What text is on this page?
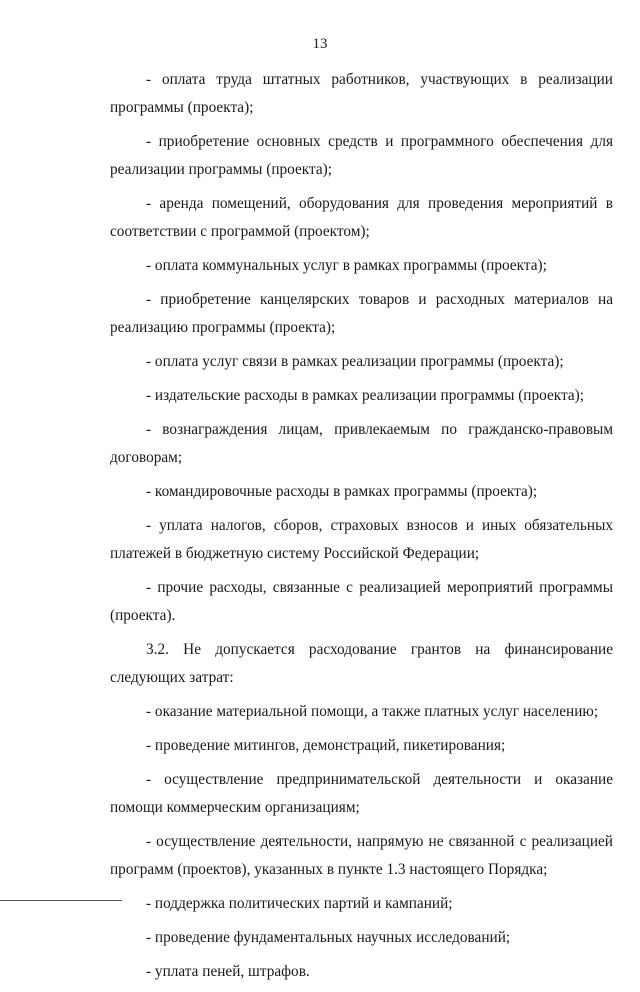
13

- оплата труда штатных работников, участвующих в реализации программы (проекта);

- приобретение основных средств и программного обеспечения для реализации программы (проекта);

- аренда помещений, оборудования для проведения мероприятий в соответствии с программой (проектом);

- оплата коммунальных услуг в рамках программы (проекта);

- приобретение канцелярских товаров и расходных материалов на реализацию программы (проекта);

- оплата услуг связи в рамках реализации программы (проекта);

- издательские расходы в рамках реализации программы (проекта);

- вознаграждения лицам, привлекаемым по гражданско-правовым договорам;

- командировочные расходы в рамках программы (проекта);

- уплата налогов, сборов, страховых взносов и иных обязательных платежей в бюджетную систему Российской Федерации;

- прочие расходы, связанные с реализацией мероприятий программы (проекта).

3.2. Не допускается расходование грантов на финансирование следующих затрат:

- оказание материальной помощи, а также платных услуг населению;

- проведение митингов, демонстраций, пикетирования;

- осуществление предпринимательской деятельности и оказание помощи коммерческим организациям;

- осуществление деятельности, напрямую не связанной с реализацией программ (проектов), указанных в пункте 1.3 настоящего Порядка;

- поддержка политических партий и кампаний;

- проведение фундаментальных научных исследований;

- уплата пеней, штрафов.
